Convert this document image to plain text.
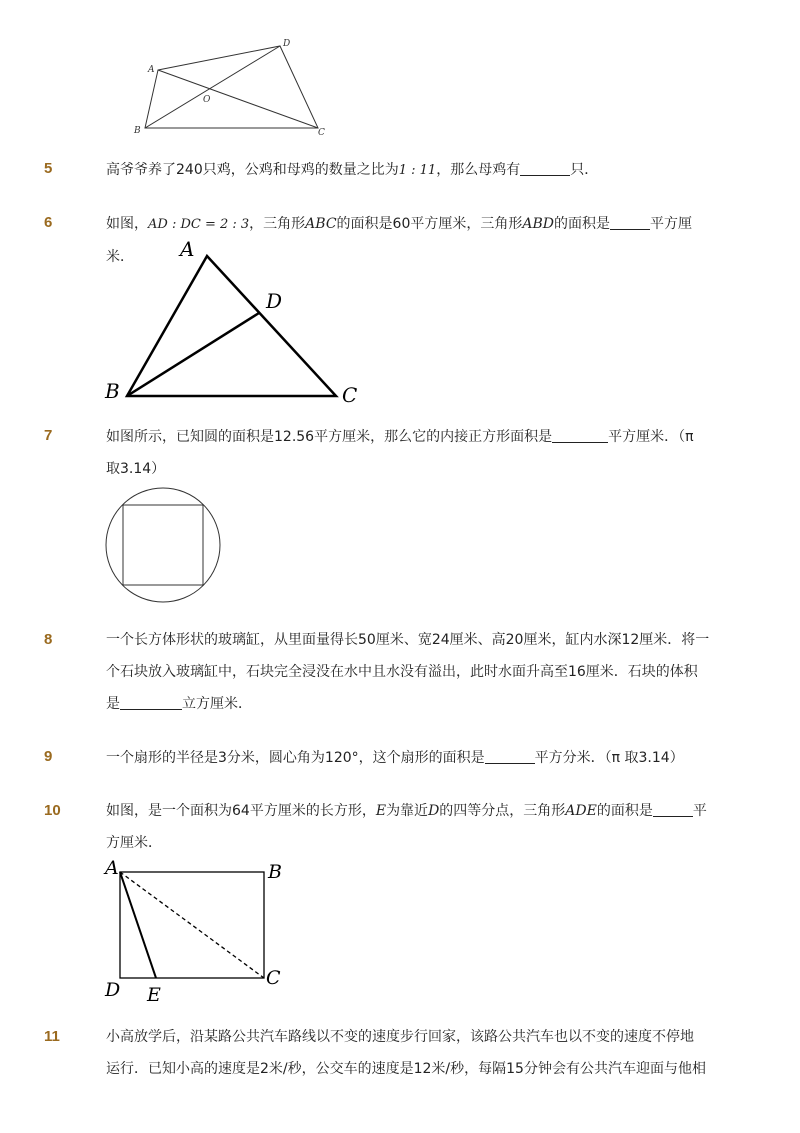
A
D
O
B	C
5	高爷爷养了240只鸡，公鸡和母鸡的数量之比为1 : 11，那么母鸡有	只．
6	如图，AD : DC = 2 : 3，三角形ABC的面积是60平方厘米，三角形ABD的面积是	平方厘米．	A
D
B	C
7	如图所示，已知圆的面积是12.56平方厘米，那么它的内接正方形面积是	平方厘米．（π
取3.14）
8	一个长方体形状的玻璃缸，从里面量得长50厘米、宽24厘米、高20厘米，缸内水深12厘米．将一
个石块放入玻璃缸中，石块完全浸没在水中且水没有溢出，此时水面升高至16厘米．石块的体积
是	立方厘米．
9	一个扇形的半径是3分米，圆心角为120°，这个扇形的面积是	平方分米．（π 取3.14）
10	如图，是一个面积为64平方厘米的长方形，E为靠近D的四等分点，三角形ADE的面积是	平
方厘米．
A	B
C
D E
11	小高放学后，沿某路公共汽车路线以不变的速度步行回家，该路公共汽车也以不变的速度不停地
运行．已知小高的速度是2米/秒，公交车的速度是12米/秒，每隔15分钟会有公共汽车迎面与他相
